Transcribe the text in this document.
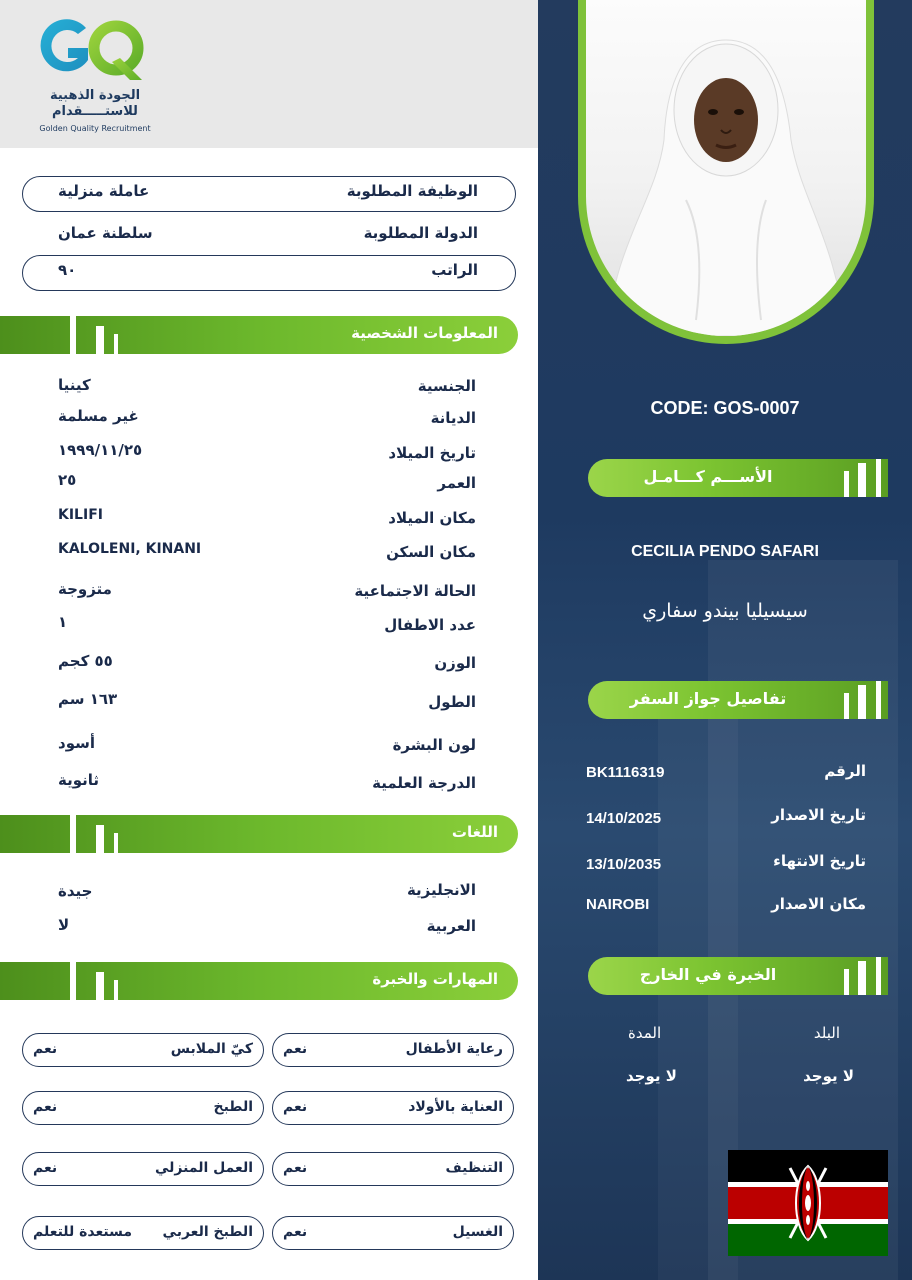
الجودة الذهبية
للاستـــــقدام
Golden Quality Recruitment
الوظيفة المطلوبة
عاملة منزلية
الدولة المطلوبة
سلطنة عمان
الراتب
٩٠
المعلومات الشخصية
الجنسية
كينيا
الديانة
غير مسلمة
تاريخ الميلاد
١٩٩٩/١١/٢٥
العمر
٢٥
مكان الميلاد
KILIFI
مكان السكن
KALOLENI, KINANI
الحالة الاجتماعية
متزوجة
عدد الاطفال
١
الوزن
٥٥ كجم
الطول
١٦٣ سم
لون البشرة
أسود
الدرجة العلمية
ثانوية
اللغات
الانجليزية
جيدة
العربية
لا
المهارات والخبرة
رعاية الأطفال
نعم
العناية بالأولاد
نعم
التنظيف
نعم
الغسيل
نعم
كيّ الملابس
نعم
الطبخ
نعم
العمل المنزلي
نعم
الطبخ العربي
مستعدة للتعلم
CODE: GOS-0007
الأســـم كـــامـل
CECILIA PENDO SAFARI
سيسيليا بيندو سفاري
تفاصيل جواز السفر
الرقم
BK1116319
تاريخ الاصدار
14/10/2025
تاريخ الانتهاء
13/10/2035
مكان الاصدار
NAIROBI
الخبرة في الخارج
البلد
المدة
لا يوجد
لا يوجد
